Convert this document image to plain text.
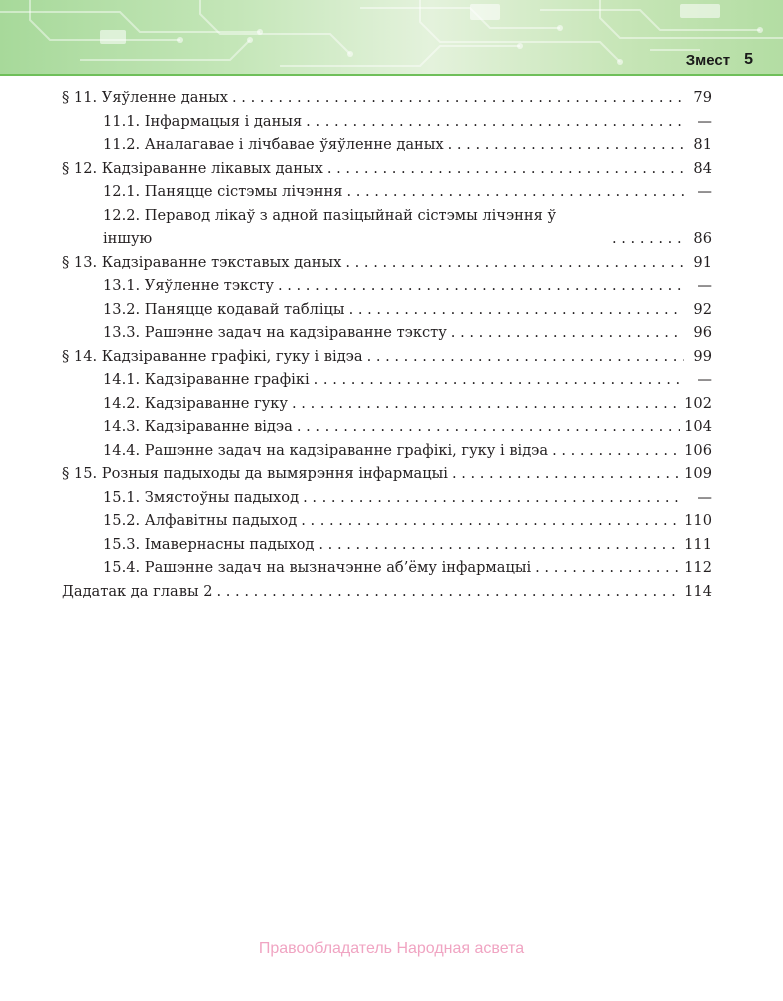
Змест 5
§ 11. Уяўленне даных . . .	79
11.1. Інфармацыя і даныя . . .	—
11.2. Аналагавае і лічбавае ўяўленне даных . . .	81
§ 12. Кадзіраванне лікавых даных . . .	84
12.1. Паняцце сістэмы лічэння . . .	—
12.2. Перавод лікаў з адной пазіцыйнай сістэмы лічэння ў іншую . . .	86
§ 13. Кадзіраванне тэкставых даных . . .	91
13.1. Уяўленне тэксту . . .	—
13.2. Паняцце кодавай табліцы . . .	92
13.3. Рашэнне задач на кадзіраванне тэксту . . .	96
§ 14. Кадзіраванне графікі, гуку і відэа . . .	99
14.1. Кадзіраванне графікі . . .	—
14.2. Кадзіраванне гуку . . .	102
14.3. Кадзіраванне відэа . . .	104
14.4. Рашэнне задач на кадзіраванне графікі, гуку і відэа . . .	106
§ 15. Розныя падыходы да вымярэння інфармацыі . . .	109
15.1. Змястоўны падыход . . .	—
15.2. Алфавітны падыход . . .	110
15.3. Імавернасны падыход . . .	111
15.4. Рашэнне задач на вызначэнне аб’ёму інфармацыі . . .	112
Дадатак да главы 2 . . .	114
Правообладатель Народная асвета
